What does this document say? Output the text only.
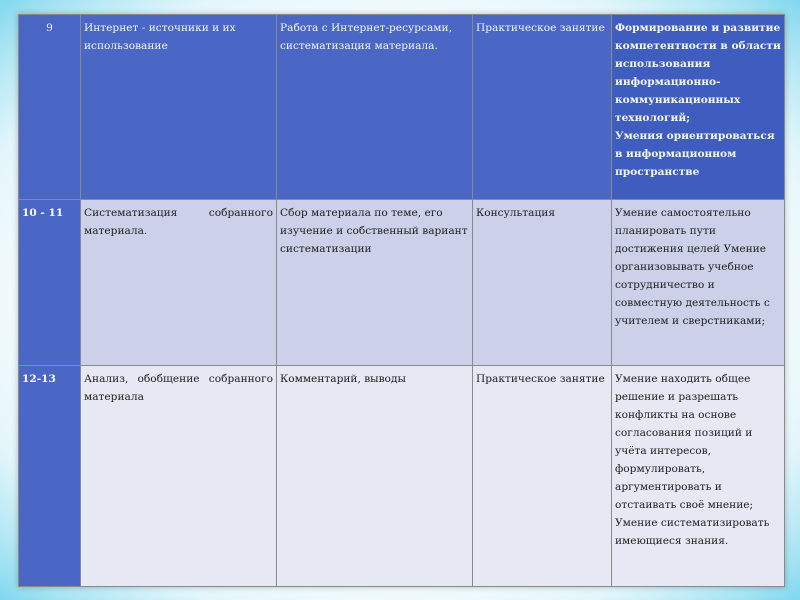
9	Интернет - источники и их использование	Работа с Интернет-ресурсами, систематизация материала.	Практическое занятие	Формирование и развитие компетентности в области использования информационно-коммуникационных технологий;
Умения ориентироваться в информационном пространстве

10 - 11	Систематизация собранного материала.	Сбор материала по теме, его изучение и собственный вариант систематизации	Консультация	Умение самостоятельно планировать пути достижения целей Умение организовывать учебное сотрудничество и совместную деятельность с учителем и сверстниками;

12-13	Анализ, обобщение собранного материала	Комментарий, выводы	Практическое занятие	Умение находить общее решение и разрешать конфликты на основе согласования позиций и учёта интересов, формулировать, аргументировать и отстаивать своё мнение;
Умение систематизировать имеющиеся знания.
